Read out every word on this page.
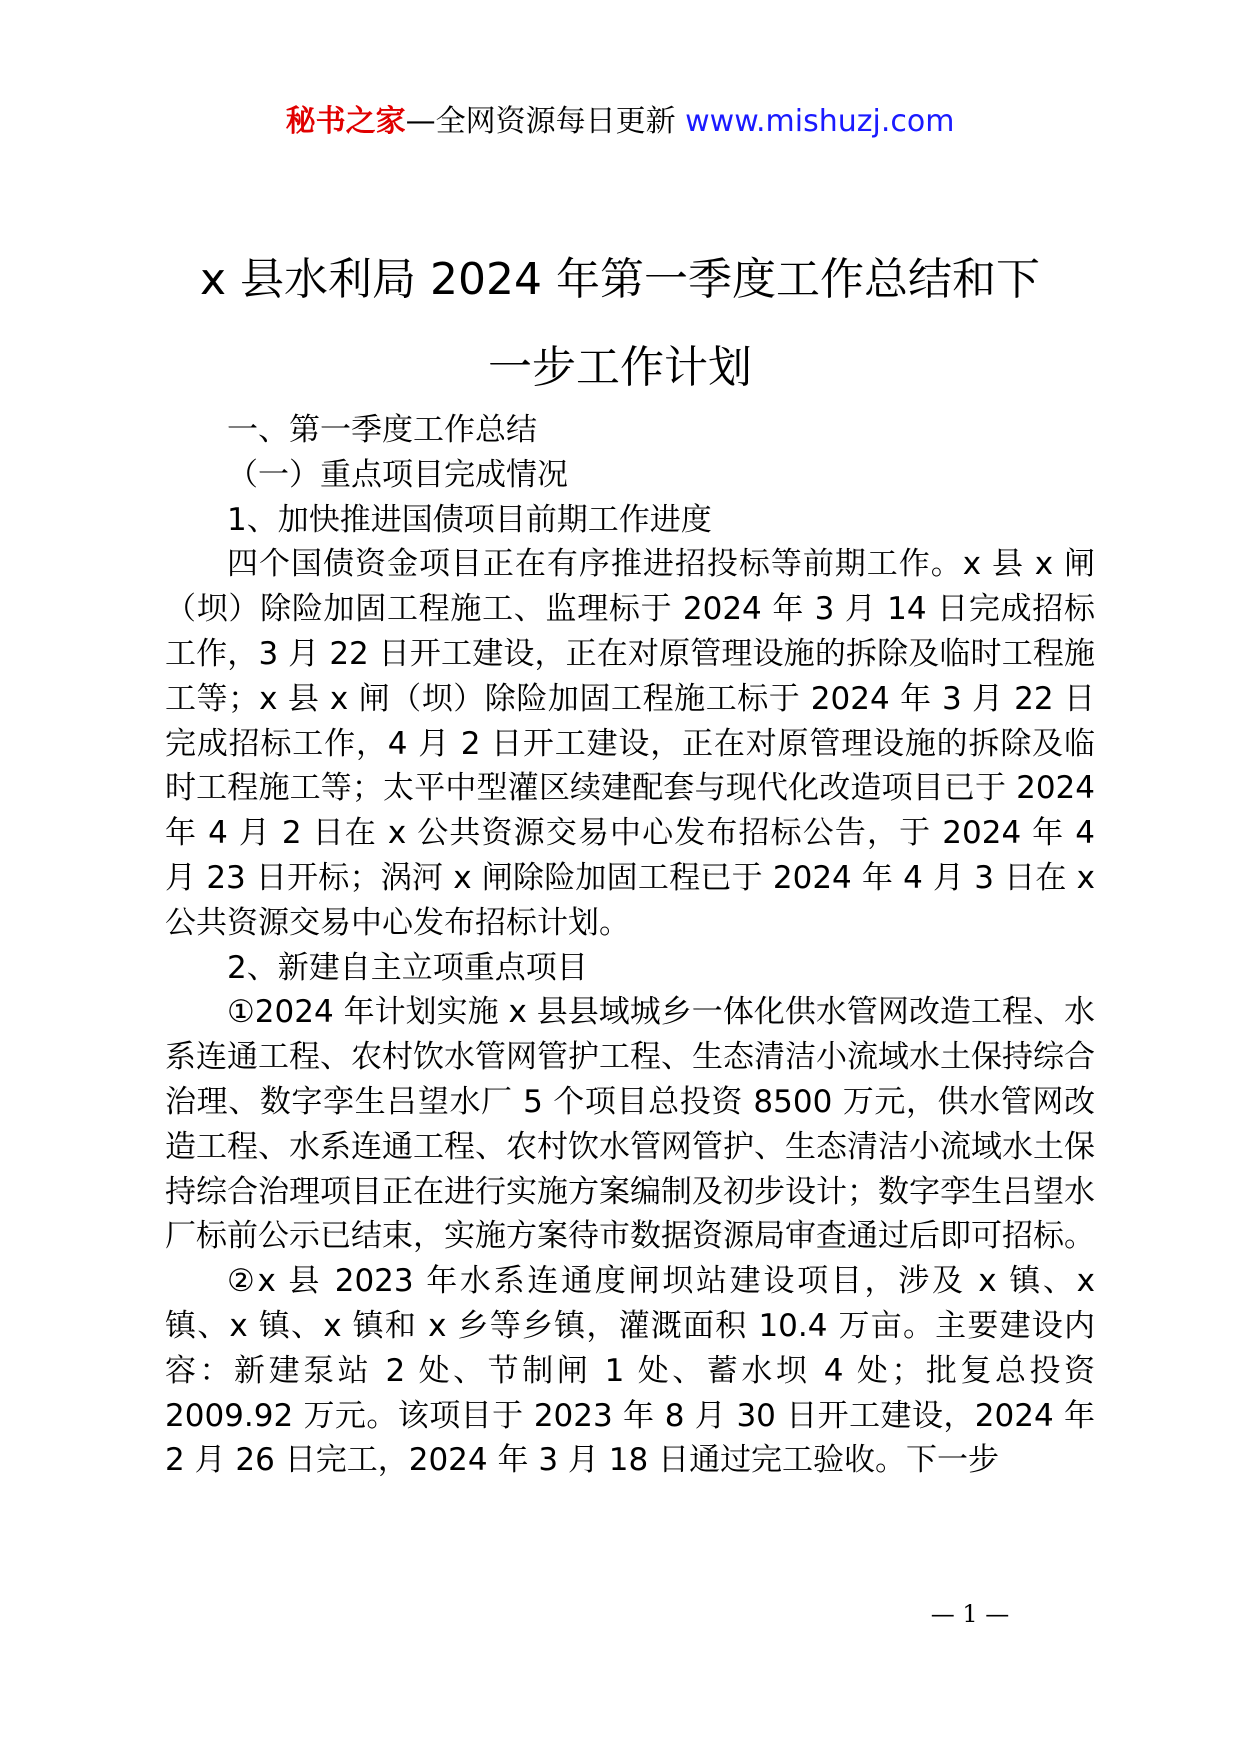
秘书之家—全网资源每日更新 www.mishuzj.com
x 县水利局 2024 年第一季度工作总结和下
一步工作计划

一、第一季度工作总结

（一）重点项目完成情况

1、加快推进国债项目前期工作进度

四个国债资金项目正在有序推进招投标等前期工作。x 县 x 闸（坝）除险加固工程施工、监理标于 2024 年 3 月 14 日完成招标工作，3 月 22 日开工建设，正在对原管理设施的拆除及临时工程施工等；x 县 x 闸（坝）除险加固工程施工标于 2024 年 3 月 22 日完成招标工作，4 月 2 日开工建设，正在对原管理设施的拆除及临时工程施工等；太平中型灌区续建配套与现代化改造项目已于 2024 年 4 月 2 日在 x 公共资源交易中心发布招标公告，于 2024 年 4 月 23 日开标；涡河 x 闸除险加固工程已于 2024 年 4 月 3 日在 x 公共资源交易中心发布招标计划。

2、新建自主立项重点项目

①2024 年计划实施 x 县县域城乡一体化供水管网改造工程、水系连通工程、农村饮水管网管护工程、生态清洁小流域水土保持综合治理、数字孪生吕望水厂 5 个项目总投资 8500 万元，供水管网改造工程、水系连通工程、农村饮水管网管护、生态清洁小流域水土保持综合治理项目正在进行实施方案编制及初步设计；数字孪生吕望水厂标前公示已结束，实施方案待市数据资源局审查通过后即可招标。

②x 县 2023 年水系连通度闸坝站建设项目，涉及 x 镇、x 镇、x 镇、x 镇和 x 乡等乡镇，灌溉面积 10.4 万亩。主要建设内容：新建泵站 2 处、节制闸 1 处、蓄水坝 4 处；批复总投资 2009.92 万元。该项目于 2023 年 8 月 30 日开工建设，2024 年 2 月 26 日完工，2024 年 3 月 18 日通过完工验收。下一步

— 1 —
